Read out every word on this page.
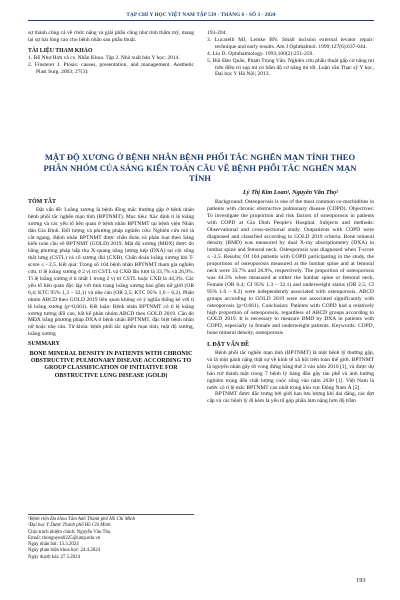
TẠP CHÍ Y HỌC VIỆT NAM TẬP 539 - THÁNG 6 - SỐ 3 - 2024

sự thành công cả về chức năng và giải phẫu cũng như tính thẩm mỹ, mang lại sự hài lòng cao cho bệnh nhân sau phẫu thuật.

TÀI LIỆU THAM KHẢO

1. Đỗ Như Hơn và cs. Nhãn Khoa. Tập 2. Nhà xuất bản Y học; 2014.

2. Finsterer J. Ptosis: causes, presentation, and management. Aesthetic Plast Surg. 2003; 27(3):

193-204.

3. Lucarelli MJ, Lemke BN. Small incision external levator repair: technique and early results. Am J Ophthalmol. 1999;127(6):637-644.

4. Liu D. Ophthalmology. 1993;100(2):251-259.

5. Bùi Đào Quân, Phạm Trọng Văn. Nghiên cứu phẫu thuật gấp cơ nâng mi trên điều trị sụp mi có bẩm độ cơ nâng mi tốt. Luận văn Thạc sỹ Y học, Đại học Y Hà Nội; 2013.

MẬT ĐỘ XƯƠNG Ở BỆNH NHÂN BỆNH PHỔI TẮC NGHẼN MẠN TÍNH THEO PHÂN NHÓM CỦA SÁNG KIẾN TOÀN CẦU VỀ BỆNH PHỔI TẮC NGHẼN MẠN TÍNH
Lý Thị Kim Loan¹, Nguyễn Văn Thọ²

TÓM TẮT

Đặt vấn đề: Loãng xương là bệnh đồng mắc thường gặp ở bệnh nhân bệnh phổi tắc nghẽn mạn tính (BPTNMT). Mục tiêu: Xác định tỉ lệ loãng xương và các yếu tố liên quan ở bệnh nhân BPTNMT tại bệnh viện Nhân dân Gia Định. Đối tượng và phương pháp nghiên cứu: Nghiên cứu mô tả cắt ngang. Bệnh nhân BPTNMT được chẩn đoán và phân loại theo Sáng kiến toàn cầu về BPTNMT (GOLD) 2019. Mật độ xương (MĐX) được đo bằng phương pháp hấp thụ X-quang năng lượng kép (DXA) tại cột sống thắt lưng (CSTL) và cổ xương đùi (CXĐ). Chẩn đoán loãng xương khi T-score ≤ - 2,5. Kết quả: Trong số 104 bệnh nhân BPTNMT tham gia nghiên cứu, tỉ lệ loãng xương ở 2 vị trí CSTL và CXĐ lần lượt là 33,7% và 26,9%. Tỉ lệ loãng xương ở ít nhất 1 trong 2 vị trí CSTL hoặc CXĐ là 44,3%. Các yếu tố liên quan độc lập với tình trạng loãng xương bao gồm nữ giới (OR 6,4; KTC 95% 1,3 – 32,1) và nhẹ cân (OR 2,5; KTC 95% 1,0 – 6,2). Phân nhóm ABCD theo GOLD 2019 liên quan không có ý nghĩa thống kê với tỉ lệ loãng xương (p=0,661). Kết luận: Bệnh nhân BPTNMT có tỉ lệ loãng xương tương đối cao, bất kể phân nhóm ABCD theo GOLD 2019. Cần đo MĐX bằng phương pháp DXA ở bệnh nhân BPTNMT, đặc biệt bệnh nhân nữ hoặc nhẹ cân. Từ khóa: bệnh phổi tắc nghẽn mạn tính, mật độ xương, loãng xương

SUMMARY

BONE MINERAL DENSITY IN PATIENTS WITH CHRONIC OBSTRUCTIVE PULMONARY DISEASE ACCORDING TO GROUP CLASSIFICATION OF INITIATIVE FOR OBSTRUCTIVE LUNG DISEASE (GOLD)

¹Bệnh viện Đa khoa Tâm Anh Thành phố Hồ Chí Minh

²Đại học Y Dược Thành phố Hồ Chí Minh

Chịu trách nhiệm chính: Nguyễn Văn Thọ

Email: thonguyen0225@ump.edu.vn

Ngày nhận bài: 13.3.2024

Ngày phản biện khoa học: 24.4.2024

Ngày duyệt bài: 27.5.2024

Background: Osteoporosis is one of the most common co-morbidities in patients with chronic obstructive pulmonary disease (COPD). Objectives: To investigate the proportion and risk factors of osteoporosis in patients with COPD at Gia Dinh People's Hospital. Subjects and methods: Observational and cross-sectional study. Outpatients with COPD were diagnosed and classified according to GOLD 2019 criteria. Bone mineral density (BMD) was measured by dual X-ray absorptiometry (DXA) in lumbar spine and femoral neck. Osteoporosis was diagnosed when T-score ≤ -2,5. Results: Of 104 patients with COPD participating in the study, the proportions of osteoporosis measured at the lumbar spine and at femoral neck were 33.7% and 26.9%, respectively. The proportion of osteoporosis was 44.3% when measured at either the lumbar spine or femoral neck. Female (OR 6.4; CI 95% 1.3 – 32.1) and underweight status (OR 2.5; CI 95% 1.0 – 6.2) were independently associated with osteoporosis. ABCD groups according to GOLD 2019 were not associated significantly with osteoporosis (p=0.661). Conclusion: Patients with COPD had a relatively high proportion of osteoporosis, regardless of ABCD groups according to GOLD 2019. It is necessary to measure BMD by DXA in patients with COPD, especially in female and underweight patients. Keywords: COPD, bone mineral density, osteoporosis

I. ĐẶT VẤN ĐỀ

Bệnh phổi tắc nghẽn mạn tính (BPTNMT) là một bệnh lý thường gặp, và là một gánh nặng thật sự về kinh tế xã hội trên toàn thế giới. BPTNMT là nguyên nhân gây tử vong đứng hàng thứ 3 vào năm 2010 [1], và được dự báo trở thành một trong 7 bệnh lý hàng đầu gây tàn phế và ảnh hưởng nghiêm trọng đến chất lượng cuộc sống vào năm 2030 [1]. Việt Nam là nước có tỉ lệ mắc BPTNMT cao nhất trong khu vực Đông Nam Á [2].

BPTNMT được đặc trưng bởi giới hạn lưu lượng khí dai dẳng, các đợt cấp và các bệnh lý đi kèm là yếu tố góp phần làm nặng hơn độ trầm

193
